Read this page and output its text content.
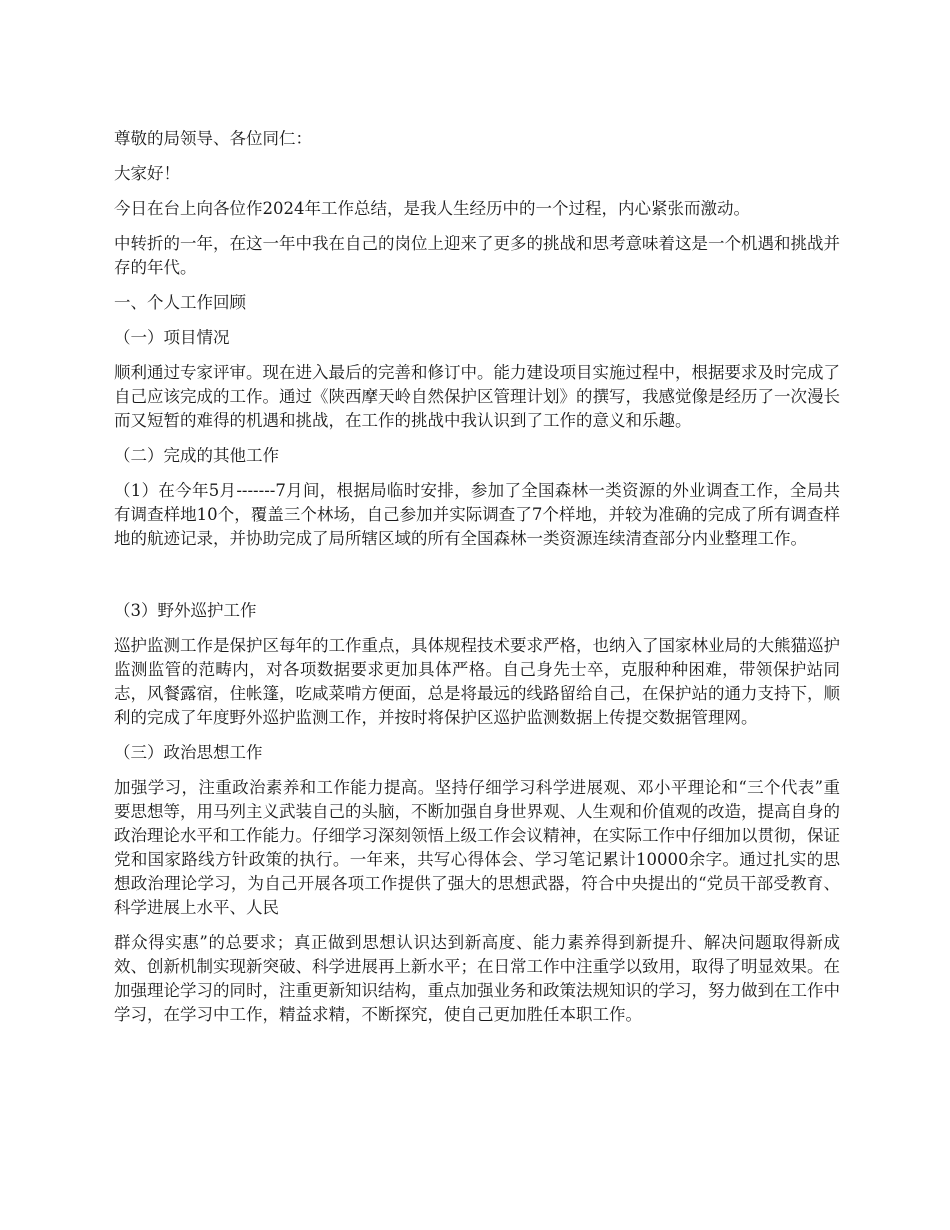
尊敬的局领导、各位同仁：

大家好！

今日在台上向各位作2024年工作总结，是我人生经历中的一个过程，内心紧张而激动。

中转折的一年，在这一年中我在自己的岗位上迎来了更多的挑战和思考意味着这是一个机遇和挑战并存的年代。

一、个人工作回顾

（一）项目情况

顺利通过专家评审。现在进入最后的完善和修订中。能力建设项目实施过程中，根据要求及时完成了自己应该完成的工作。通过《陕西摩天岭自然保护区管理计划》的撰写，我感觉像是经历了一次漫长而又短暂的难得的机遇和挑战，在工作的挑战中我认识到了工作的意义和乐趣。

（二）完成的其他工作

（1）在今年5月-------7月间，根据局临时安排，参加了全国森林一类资源的外业调查工作，全局共有调查样地10个，覆盖三个林场，自己参加并实际调查了7个样地，并较为准确的完成了所有调查样地的航迹记录，并协助完成了局所辖区域的所有全国森林一类资源连续清查部分内业整理工作。

（3）野外巡护工作

巡护监测工作是保护区每年的工作重点，具体规程技术要求严格，也纳入了国家林业局的大熊猫巡护监测监管的范畴内，对各项数据要求更加具体严格。自己身先士卒，克服种种困难，带领保护站同志，风餐露宿，住帐篷，吃咸菜啃方便面，总是将最远的线路留给自己，在保护站的通力支持下，顺利的完成了年度野外巡护监测工作，并按时将保护区巡护监测数据上传提交数据管理网。

（三）政治思想工作

加强学习，注重政治素养和工作能力提高。坚持仔细学习科学进展观、邓小平理论和“三个代表”重要思想等，用马列主义武装自己的头脑，不断加强自身世界观、人生观和价值观的改造，提高自身的政治理论水平和工作能力。仔细学习深刻领悟上级工作会议精神，在实际工作中仔细加以贯彻，保证党和国家路线方针政策的执行。一年来，共写心得体会、学习笔记累计10000余字。通过扎实的思想政治理论学习，为自己开展各项工作提供了强大的思想武器，符合中央提出的“党员干部受教育、科学进展上水平、人民

群众得实惠”的总要求；真正做到思想认识达到新高度、能力素养得到新提升、解决问题取得新成效、创新机制实现新突破、科学进展再上新水平；在日常工作中注重学以致用，取得了明显效果。在加强理论学习的同时，注重更新知识结构，重点加强业务和政策法规知识的学习，努力做到在工作中学习，在学习中工作，精益求精，不断探究，使自己更加胜任本职工作。
